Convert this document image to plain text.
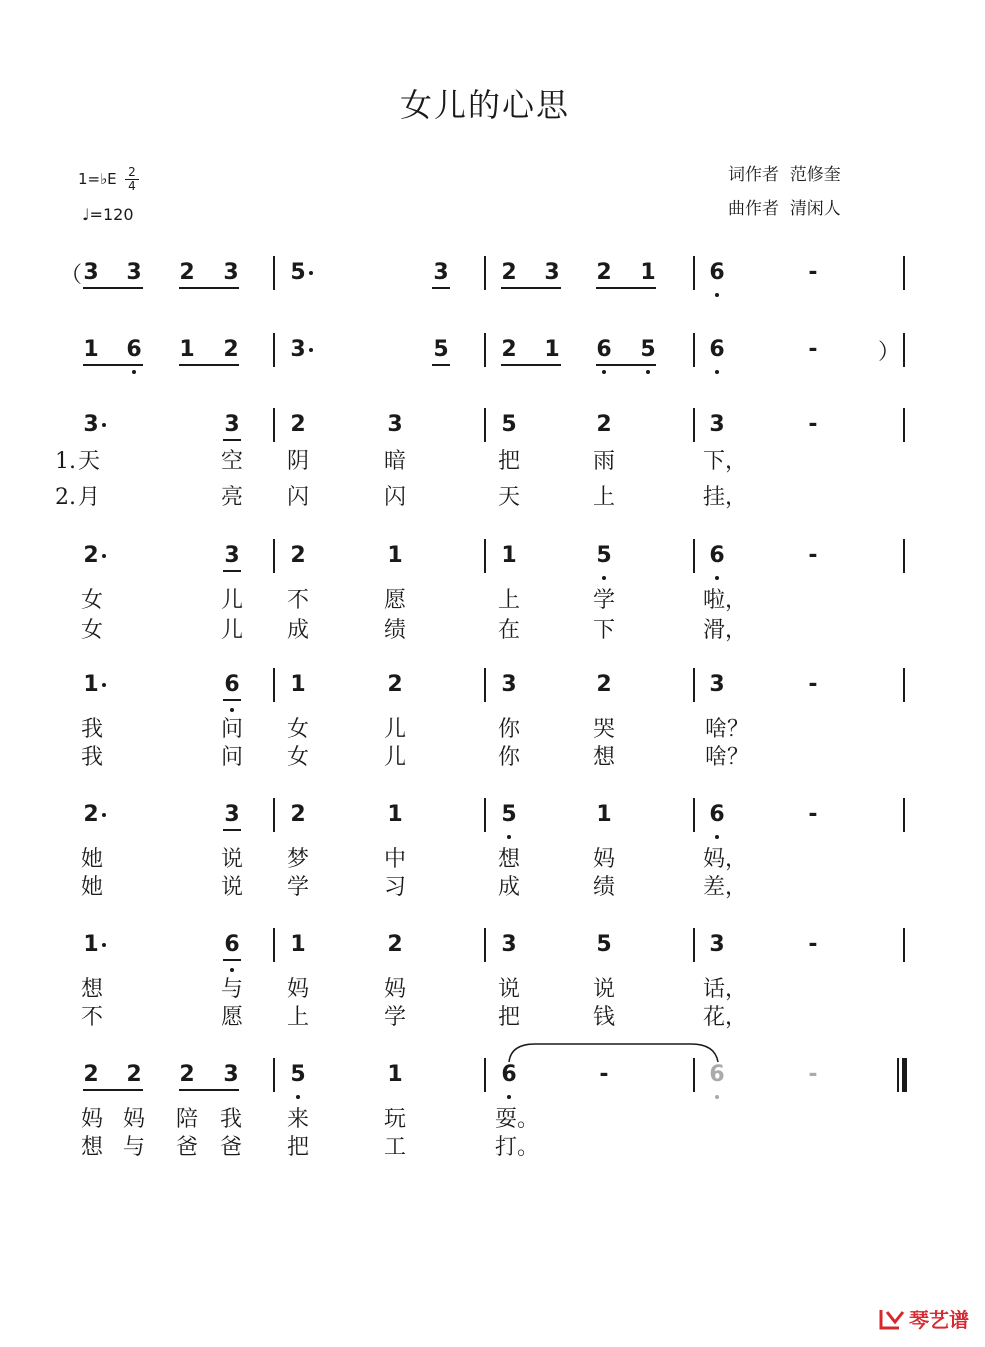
女儿的心思
1=♭E 2
4
♩=120
词作者 范修奎
曲作者 清闲人
（ 3 3 2 3 5	3 2 3 2 1 6	-
1 6 1 2 3	5 2 1 6 5 6	-	）
3	3 2	3	5	2	3	-
1. 天	空 阴	暗	把	雨	下，
2. 月	亮 闪	闪	天	上	挂，
2	3 2	1	1	5	6	-
女	儿 不	愿	上	学	啦，
女	儿 成	绩	在	下	滑，
1	6 1	2	3	2	3	-
我	问 女	儿	你	哭	啥？
我	问 女	儿	你	想	啥？
2	3 2	1	5	1	6	-
她	说 梦	中	想	妈	妈，
她	说 学	习	成	绩	差，
1	6 1	2	3	5	3	-
想	与 妈	妈	说	说	话，
不	愿 上	学	把	钱	花，
2 2 2 3 5	1	6	-	6	-
妈 妈 陪 我 来	玩	耍。
想 与 爸 爸 把	工	打。
琴艺谱
